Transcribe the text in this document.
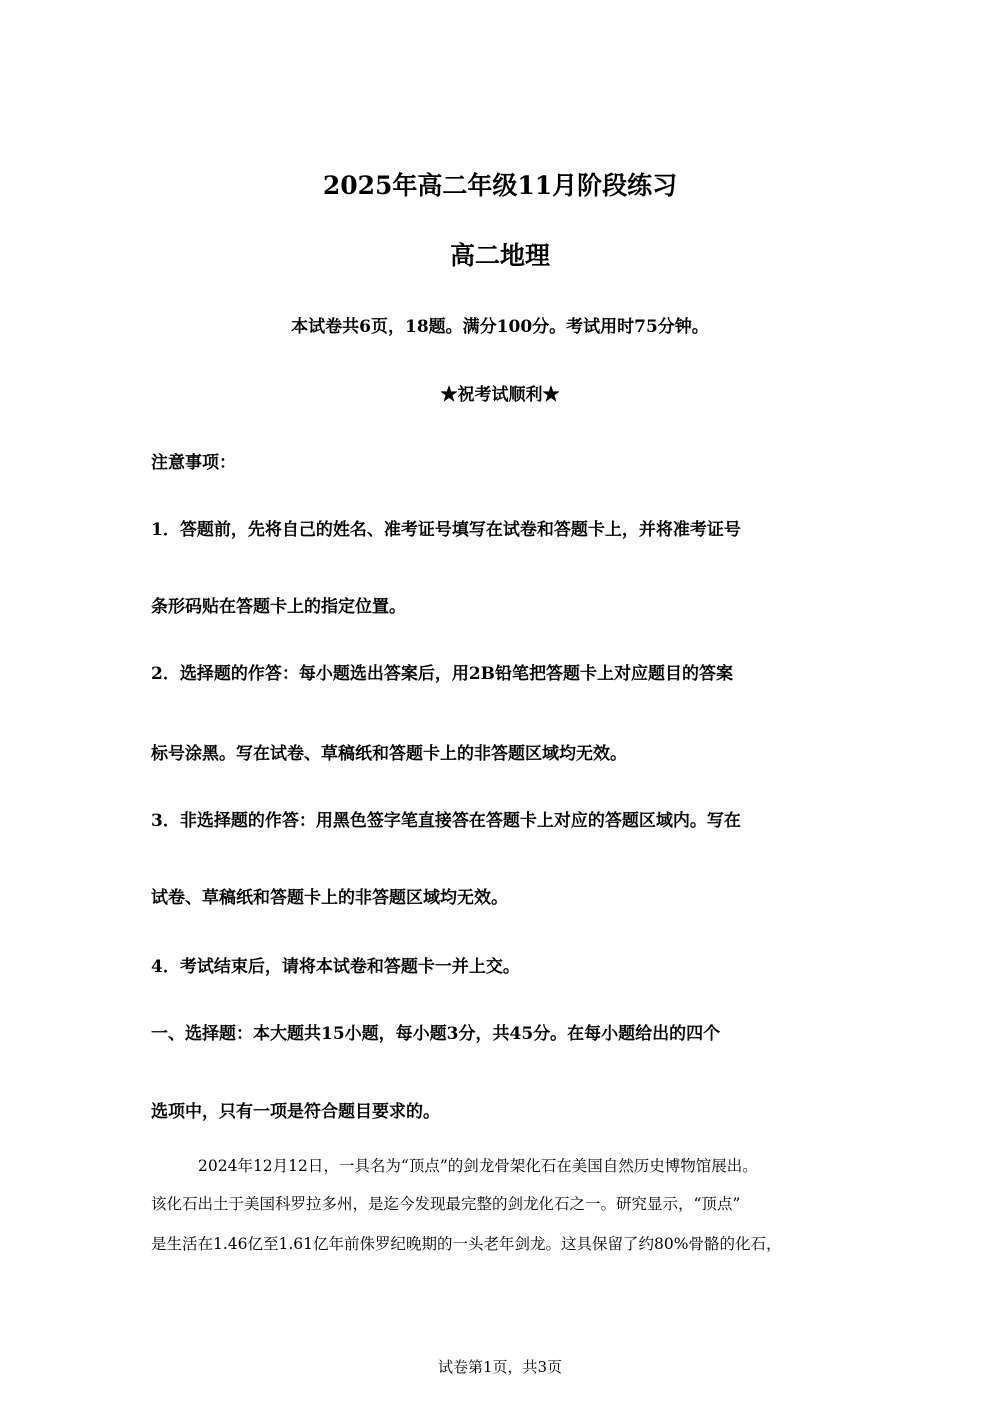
2025年高二年级11月阶段练习
高二地理
本试卷共6页，18题。满分100分。考试用时75分钟。
★祝考试顺利★
注意事项：
1．答题前，先将自己的姓名、准考证号填写在试卷和答题卡上，并将准考证号
条形码贴在答题卡上的指定位置。
2．选择题的作答：每小题选出答案后，用2B铅笔把答题卡上对应题目的答案
标号涂黑。写在试卷、草稿纸和答题卡上的非答题区域均无效。
3．非选择题的作答：用黑色签字笔直接答在答题卡上对应的答题区域内。写在
试卷、草稿纸和答题卡上的非答题区域均无效。
4．考试结束后，请将本试卷和答题卡一并上交。
一、选择题：本大题共15小题，每小题3分，共45分。在每小题给出的四个
选项中，只有一项是符合题目要求的。
2024年12月12日，一具名为“顶点”的剑龙骨架化石在美国自然历史博物馆展出。
该化石出土于美国科罗拉多州，是迄今发现最完整的剑龙化石之一。研究显示，“顶点”
是生活在1.46亿至1.61亿年前侏罗纪晚期的一头老年剑龙。这具保留了约80%骨骼的化石，
试卷第1页，共3页
